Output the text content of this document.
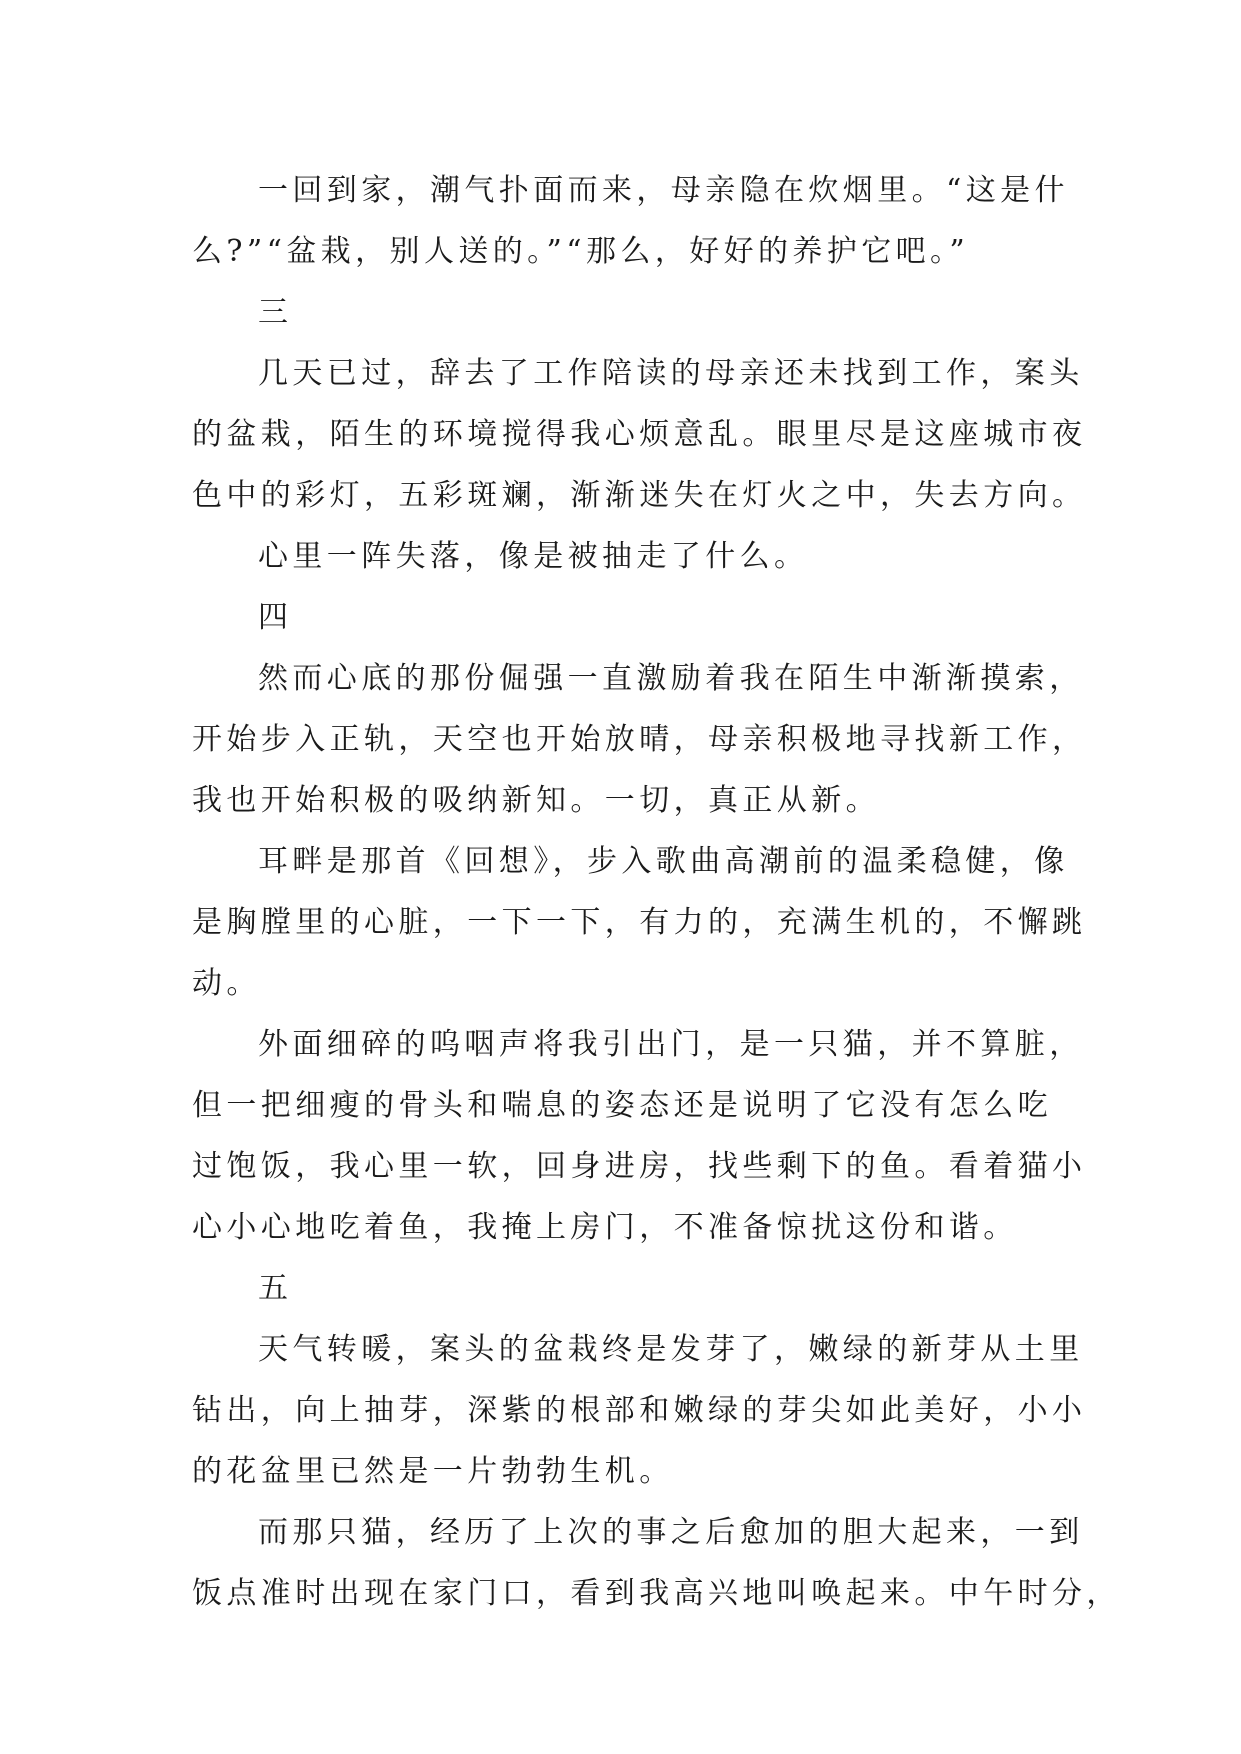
一回到家，潮气扑面而来，母亲隐在炊烟里。“这是什
么?”“盆栽，别人送的。”“那么，好好的养护它吧。”
三
几天已过，辞去了工作陪读的母亲还未找到工作，案头
的盆栽，陌生的环境搅得我心烦意乱。眼里尽是这座城市夜
色中的彩灯，五彩斑斓，渐渐迷失在灯火之中，失去方向。
心里一阵失落，像是被抽走了什么。
四
然而心底的那份倔强一直激励着我在陌生中渐渐摸索，
开始步入正轨，天空也开始放晴，母亲积极地寻找新工作，
我也开始积极的吸纳新知。一切，真正从新。
耳畔是那首《回想》，步入歌曲高潮前的温柔稳健，像
是胸膛里的心脏，一下一下，有力的，充满生机的，不懈跳
动。
外面细碎的呜咽声将我引出门，是一只猫，并不算脏，
但一把细瘦的骨头和喘息的姿态还是说明了它没有怎么吃
过饱饭，我心里一软，回身进房，找些剩下的鱼。看着猫小
心小心地吃着鱼，我掩上房门，不准备惊扰这份和谐。
五
天气转暖，案头的盆栽终是发芽了，嫩绿的新芽从土里
钻出，向上抽芽，深紫的根部和嫩绿的芽尖如此美好，小小
的花盆里已然是一片勃勃生机。
而那只猫，经历了上次的事之后愈加的胆大起来，一到
饭点准时出现在家门口，看到我高兴地叫唤起来。中午时分，
